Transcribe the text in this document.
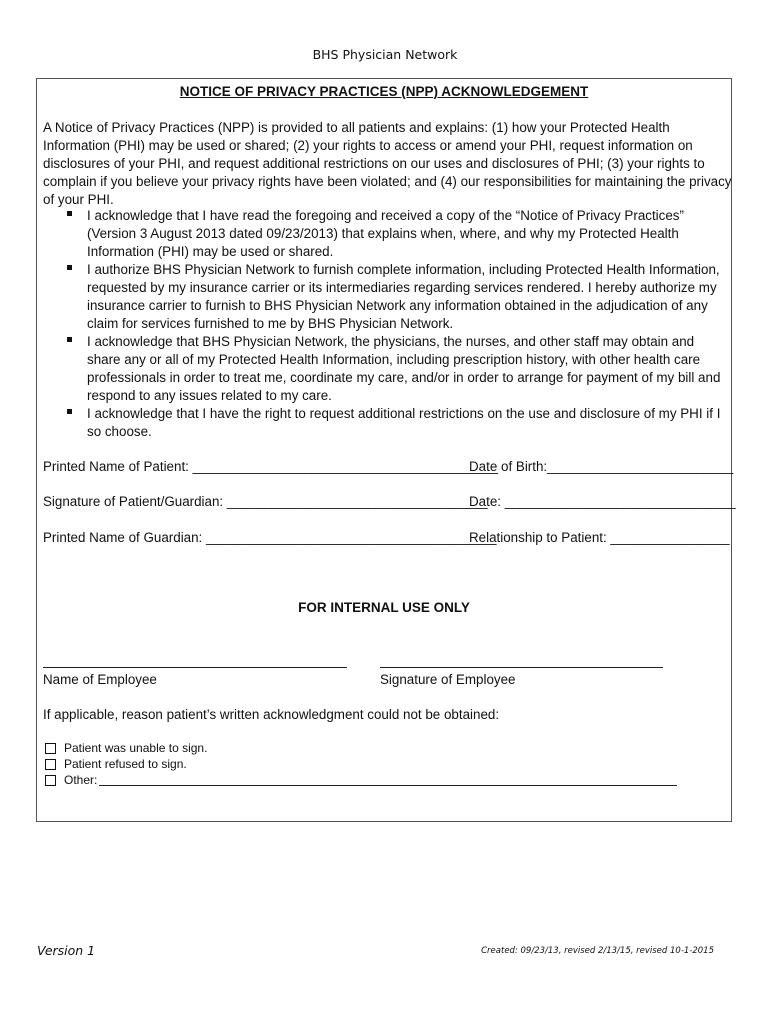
BHS Physician Network
NOTICE OF PRIVACY PRACTICES (NPP) ACKNOWLEDGEMENT

A Notice of Privacy Practices (NPP) is provided to all patients and explains: (1) how your Protected Health Information (PHI) may be used or shared; (2) your rights to access or amend your PHI, request information on disclosures of your PHI, and request additional restrictions on our uses and disclosures of PHI; (3) your rights to complain if you believe your privacy rights have been violated; and (4) our responsibilities for maintaining the privacy of your PHI.

I acknowledge that I have read the foregoing and received a copy of the “Notice of Privacy Practices” (Version 3 August 2013 dated 09/23/2013) that explains when, where, and why my Protected Health Information (PHI) may be used or shared.
I authorize BHS Physician Network to furnish complete information, including Protected Health Information, requested by my insurance carrier or its intermediaries regarding services rendered. I hereby authorize my insurance carrier to furnish to BHS Physician Network any information obtained in the adjudication of any claim for services furnished to me by BHS Physician Network.
I acknowledge that BHS Physician Network, the physicians, the nurses, and other staff may obtain and share any or all of my Protected Health Information, including prescription history, with other health care professionals in order to treat me, coordinate my care, and/or in order to arrange for payment of my bill and respond to any issues related to my care.
I acknowledge that I have the right to request additional restrictions on the use and disclosure of my PHI if I so choose.
Printed Name of Patient: _________________________________________
Date of Birth:_________________________
Signature of Patient/Guardian: ___________________________________
Date: _______________________________
Printed Name of Guardian: _______________________________________
Relationship to Patient: ________________
FOR INTERNAL USE ONLY
Name of Employee	Signature of Employee
If applicable, reason patient’s written acknowledgment could not be obtained:
Patient was unable to sign.
Patient refused to sign.
Other:
Version 1	Created: 09/23/13, revised 2/13/15, revised 10-1-2015
